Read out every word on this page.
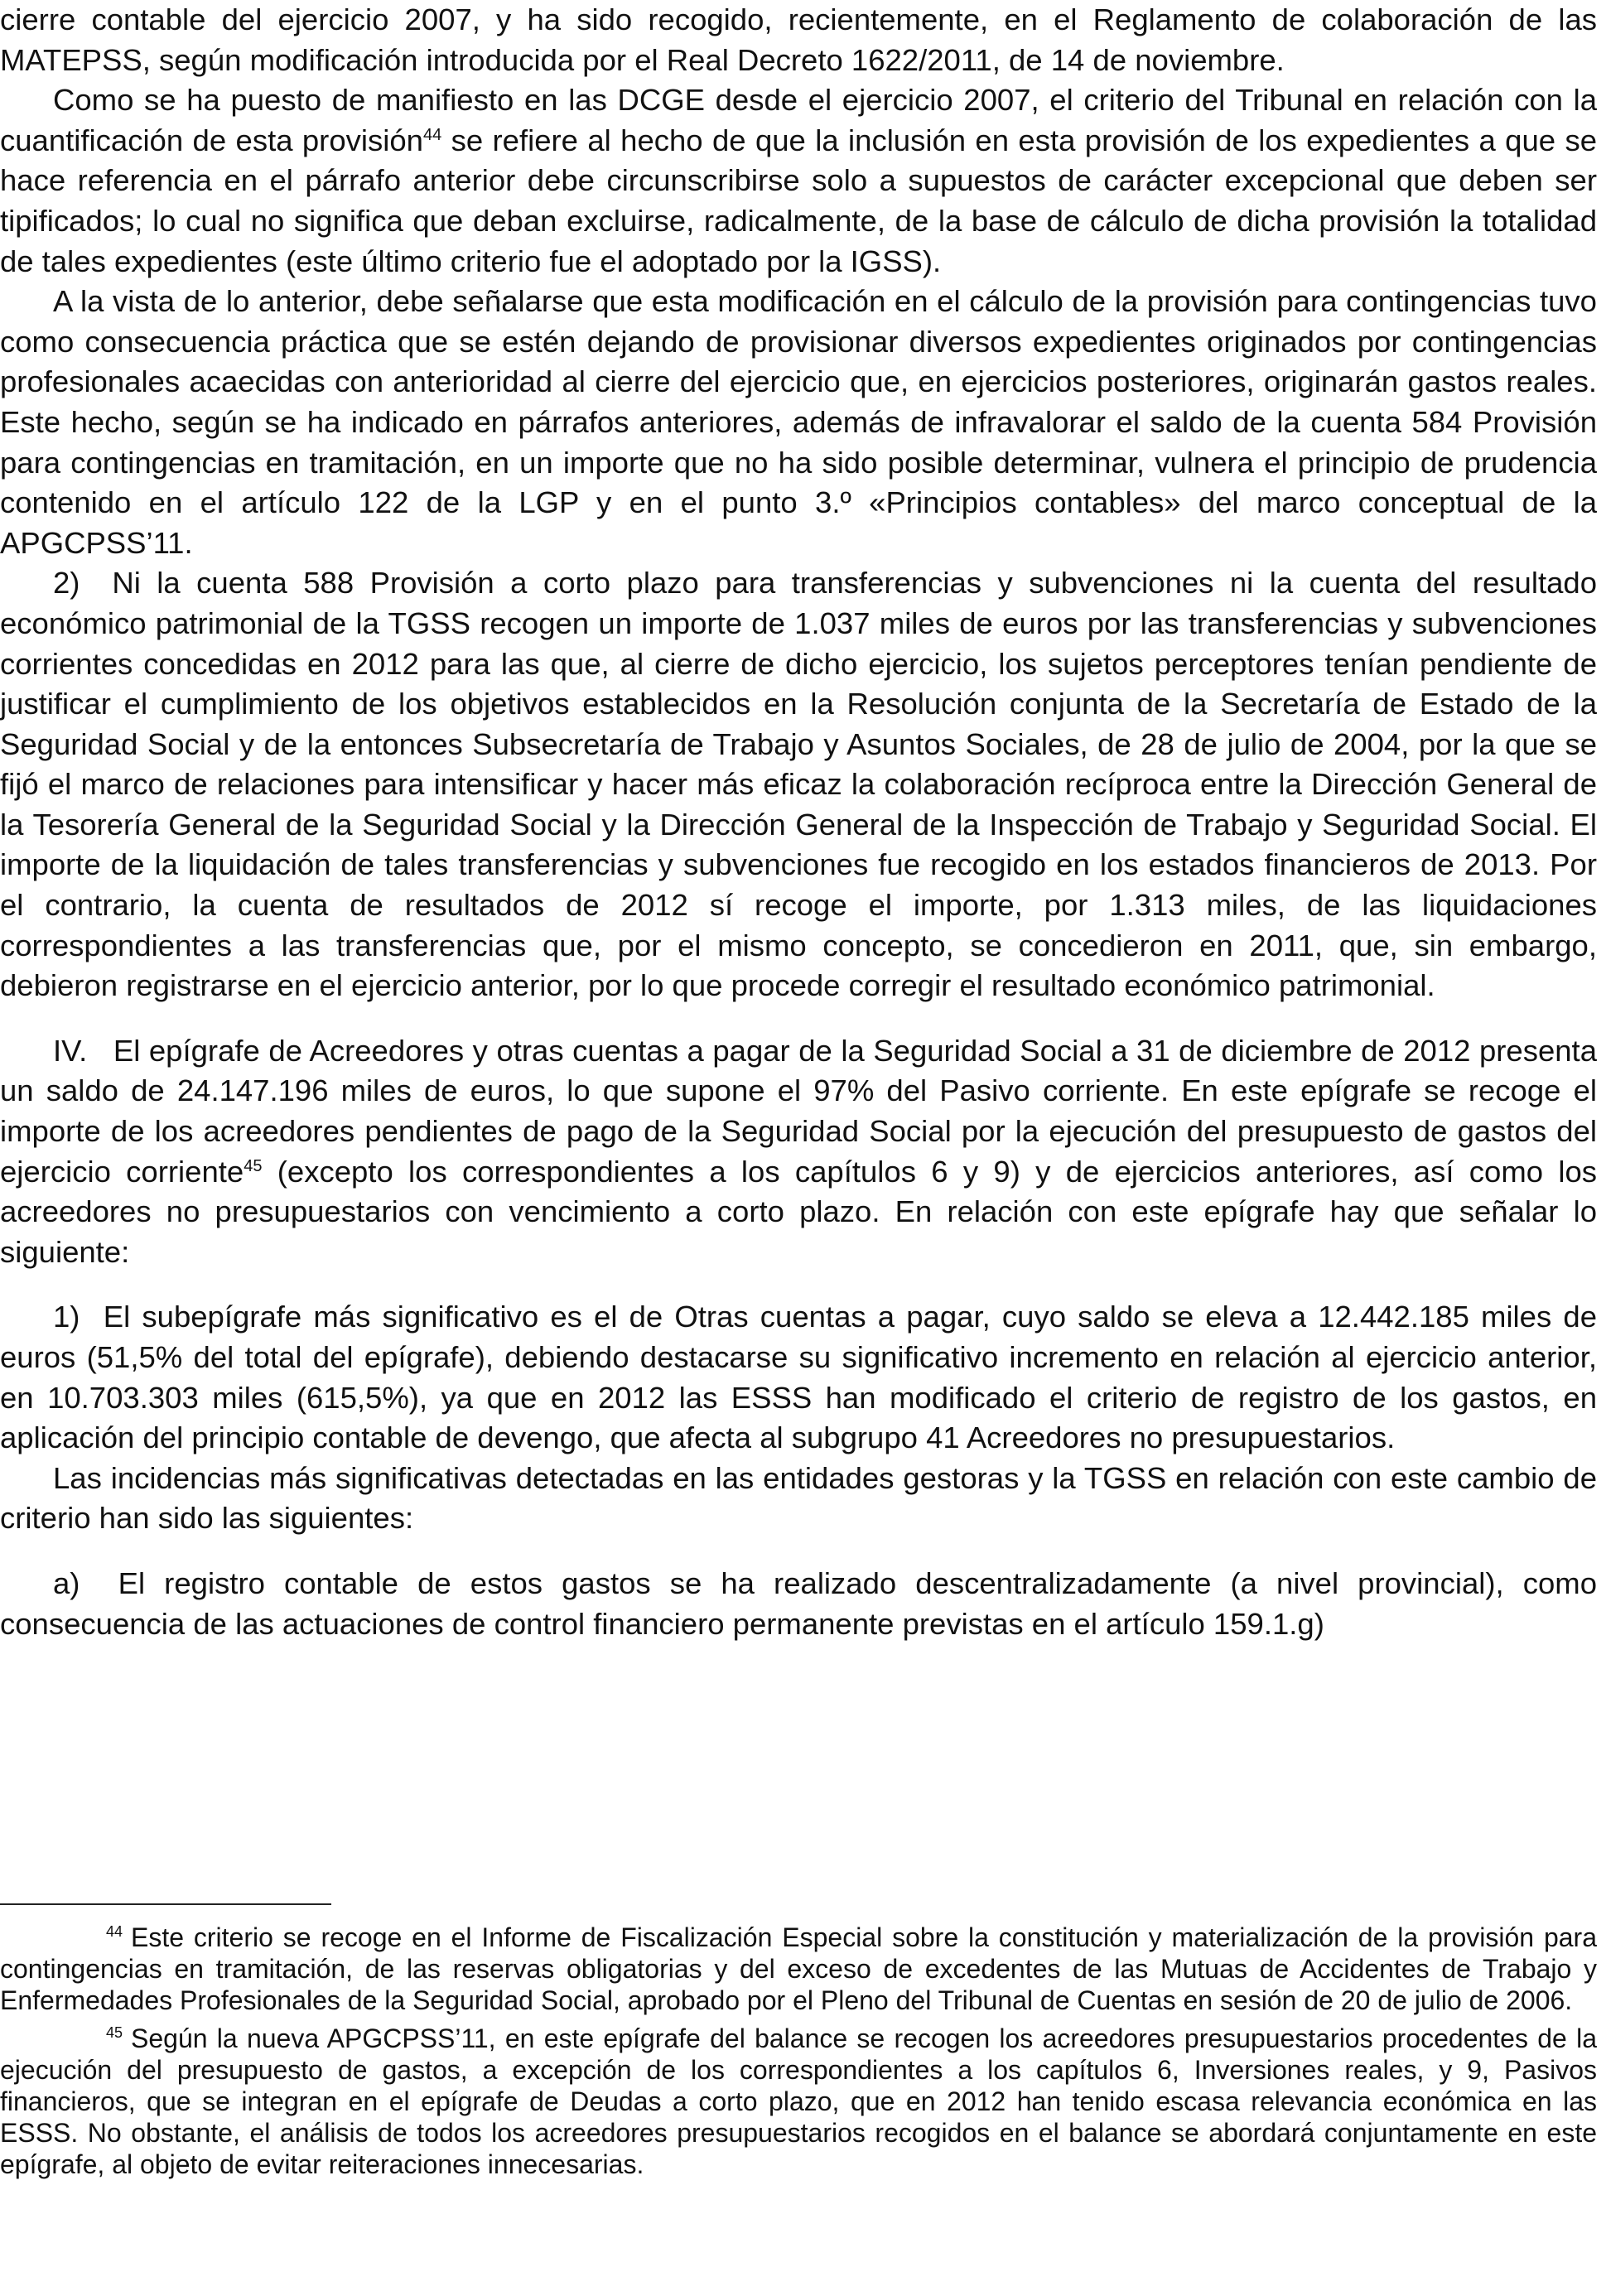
cierre contable del ejercicio 2007, y ha sido recogido, recientemente, en el Reglamento de colaboración de las MATEPSS, según modificación introducida por el Real Decreto 1622/2011, de 14 de noviembre.

Como se ha puesto de manifiesto en las DCGE desde el ejercicio 2007, el criterio del Tribunal en relación con la cuantificación de esta provisión$^{44}$ se refiere al hecho de que la inclusión en esta provisión de los expedientes a que se hace referencia en el párrafo anterior debe circunscribirse solo a supuestos de carácter excepcional que deben ser tipificados; lo cual no significa que deban excluirse, radicalmente, de la base de cálculo de dicha provisión la totalidad de tales expedientes (este último criterio fue el adoptado por la IGSS).

A la vista de lo anterior, debe señalarse que esta modificación en el cálculo de la provisión para contingencias tuvo como consecuencia práctica que se estén dejando de provisionar diversos expedientes originados por contingencias profesionales acaecidas con anterioridad al cierre del ejercicio que, en ejercicios posteriores, originarán gastos reales. Este hecho, según se ha indicado en párrafos anteriores, además de infravalorar el saldo de la cuenta 584 Provisión para contingencias en tramitación, en un importe que no ha sido posible determinar, vulnera el principio de prudencia contenido en el artículo 122 de la LGP y en el punto 3.º «Principios contables» del marco conceptual de la APGCPSS’11.

2)  Ni la cuenta 588 Provisión a corto plazo para transferencias y subvenciones ni la cuenta del resultado económico patrimonial de la TGSS recogen un importe de 1.037 miles de euros por las transferencias y subvenciones corrientes concedidas en 2012 para las que, al cierre de dicho ejercicio, los sujetos perceptores tenían pendiente de justificar el cumplimiento de los objetivos establecidos en la Resolución conjunta de la Secretaría de Estado de la Seguridad Social y de la entonces Subsecretaría de Trabajo y Asuntos Sociales, de 28 de julio de 2004, por la que se fijó el marco de relaciones para intensificar y hacer más eficaz la colaboración recíproca entre la Dirección General de la Tesorería General de la Seguridad Social y la Dirección General de la Inspección de Trabajo y Seguridad Social. El importe de la liquidación de tales transferencias y subvenciones fue recogido en los estados financieros de 2013. Por el contrario, la cuenta de resultados de 2012 sí recoge el importe, por 1.313 miles, de las liquidaciones correspondientes a las transferencias que, por el mismo concepto, se concedieron en 2011, que, sin embargo, debieron registrarse en el ejercicio anterior, por lo que procede corregir el resultado económico patrimonial.

IV.   El epígrafe de Acreedores y otras cuentas a pagar de la Seguridad Social a 31 de diciembre de 2012 presenta un saldo de 24.147.196 miles de euros, lo que supone el 97% del Pasivo corriente. En este epígrafe se recoge el importe de los acreedores pendientes de pago de la Seguridad Social por la ejecución del presupuesto de gastos del ejercicio corriente$^{45}$ (excepto los correspondientes a los capítulos 6 y 9) y de ejercicios anteriores, así como los acreedores no presupuestarios con vencimiento a corto plazo. En relación con este epígrafe hay que señalar lo siguiente:

1)  El subepígrafe más significativo es el de Otras cuentas a pagar, cuyo saldo se eleva a 12.442.185 miles de euros (51,5% del total del epígrafe), debiendo destacarse su significativo incremento en relación al ejercicio anterior, en 10.703.303 miles (615,5%), ya que en 2012 las ESSS han modificado el criterio de registro de los gastos, en aplicación del principio contable de devengo, que afecta al subgrupo 41 Acreedores no presupuestarios.

Las incidencias más significativas detectadas en las entidades gestoras y la TGSS en relación con este cambio de criterio han sido las siguientes:

a)  El registro contable de estos gastos se ha realizado descentralizadamente (a nivel provincial), como consecuencia de las actuaciones de control financiero permanente previstas en el artículo 159.1.g)

44 Este criterio se recoge en el Informe de Fiscalización Especial sobre la constitución y materialización de la provisión para contingencias en tramitación, de las reservas obligatorias y del exceso de excedentes de las Mutuas de Accidentes de Trabajo y Enfermedades Profesionales de la Seguridad Social, aprobado por el Pleno del Tribunal de Cuentas en sesión de 20 de julio de 2006.

45 Según la nueva APGCPSS’11, en este epígrafe del balance se recogen los acreedores presupuestarios procedentes de la ejecución del presupuesto de gastos, a excepción de los correspondientes a los capítulos 6, Inversiones reales, y 9, Pasivos financieros, que se integran en el epígrafe de Deudas a corto plazo, que en 2012 han tenido escasa relevancia económica en las ESSS. No obstante, el análisis de todos los acreedores presupuestarios recogidos en el balance se abordará conjuntamente en este epígrafe, al objeto de evitar reiteraciones innecesarias.
